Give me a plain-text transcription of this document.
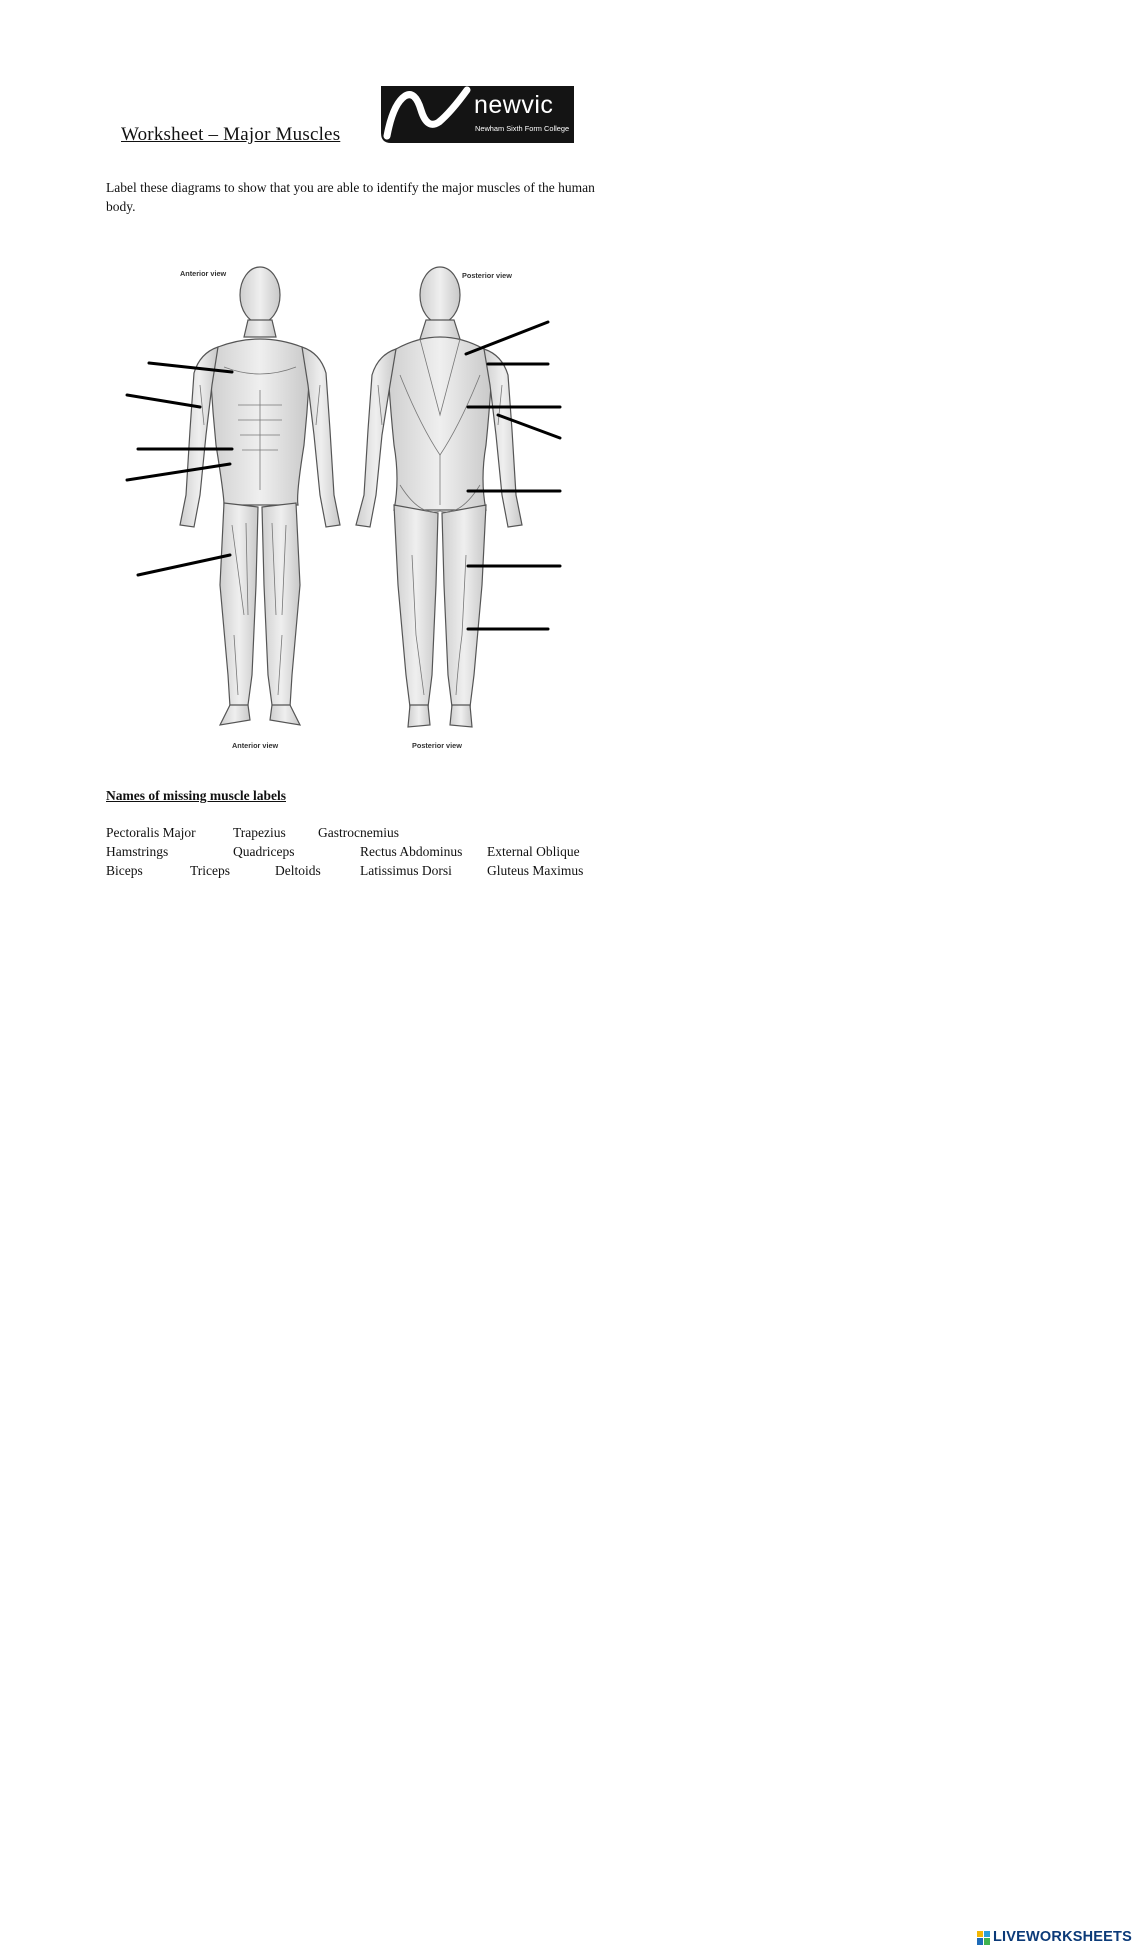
Worksheet – Major Muscles
newvic
Newham Sixth Form College
Label these diagrams to show that you are able to identify the major muscles of the human body.
Anterior view	Posterior view
Anterior view	Posterior view
Names of missing muscle labels
Pectoralis Major	Trapezius Gastrocnemius
Hamstrings	Quadriceps	Rectus Abdominus External Oblique
Biceps	Triceps	Deltoids	Latissimus Dorsi	Gluteus Maximus
LIVEWORKSHEETS
